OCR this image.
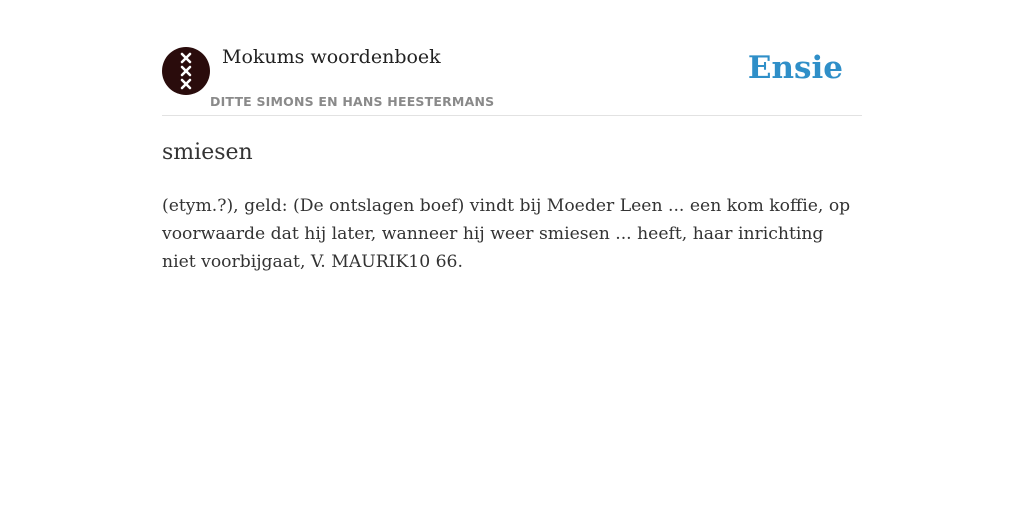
Mokums woordenboek
DITTE SIMONS EN HANS HEESTERMANS
Ensie
smiesen

(etym.?), geld: (De ontslagen boef) vindt bij Moeder Leen ... een kom koffie, op voorwaarde dat hij later, wanneer hij weer smiesen ... heeft, haar inrichting niet voorbijgaat, V. MAURIK10 66.
